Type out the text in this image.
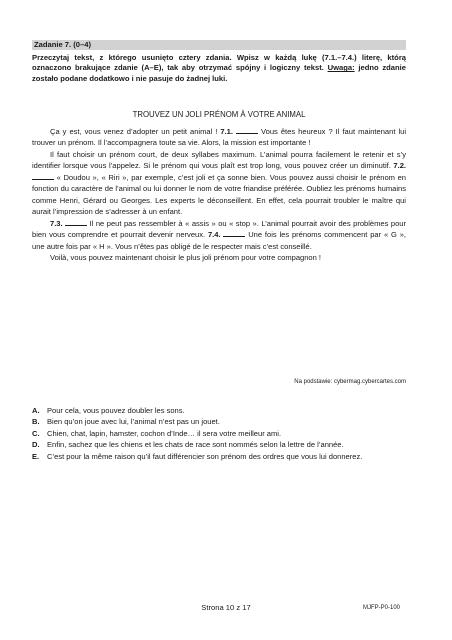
Zadanie 7. (0–4)
Przeczytaj tekst, z którego usunięto cztery zdania. Wpisz w każdą lukę (7.1.–7.4.) literę, którą oznaczono brakujące zdanie (A–E), tak aby otrzymać spójny i logiczny tekst. Uwaga: jedno zdanie zostało podane dodatkowo i nie pasuje do żadnej luki.
TROUVEZ UN JOLI PRÉNOM À VOTRE ANIMAL

Ça y est, vous venez d’adopter un petit animal ! 7.1.	Vous êtes heureux ? Il faut maintenant lui trouver un prénom. Il l’accompagnera toute sa vie. Alors, la mission est importante !

Il faut choisir un prénom court, de deux syllabes maximum. L’animal pourra facilement le retenir et s’y identifier lorsque vous l’appelez. Si le prénom qui vous plaît est trop long, vous pouvez créer un diminutif. 7.2.  « Doudou », « Riri », par exemple, c’est joli et ça sonne bien. Vous pouvez aussi choisir le prénom en fonction du caractère de l’animal ou lui donner le nom de votre friandise préférée. Oubliez les prénoms humains comme Henri, Gérard ou Georges. Les experts le déconseillent. En effet, cela pourrait troubler le maître qui aurait l’impression de s’adresser à un enfant.

7.3.	Il ne peut pas ressembler à « assis » ou « stop ». L’animal pourrait avoir des problèmes pour bien vous comprendre et pourrait devenir nerveux. 7.4.	Une fois les prénoms commencent par « G », une autre fois par « H ». Vous n’êtes pas obligé de le respecter mais c’est conseillé.

Voilà, vous pouvez maintenant choisir le plus joli prénom pour votre compagnon !

Na podstawie: cybermag.cybercartes.com
A. Pour cela, vous pouvez doubler les sons.
B. Bien qu’on joue avec lui, l’animal n’est pas un jouet.
C. Chien, chat, lapin, hamster, cochon d’Inde… il sera votre meilleur ami.
D. Enfin, sachez que les chiens et les chats de race sont nommés selon la lettre de l’année.
E.	C’est pour la même raison qu’il faut différencier son prénom des ordres que vous lui donnerez.
Strona 10 z 17	MJFP-P0-100
